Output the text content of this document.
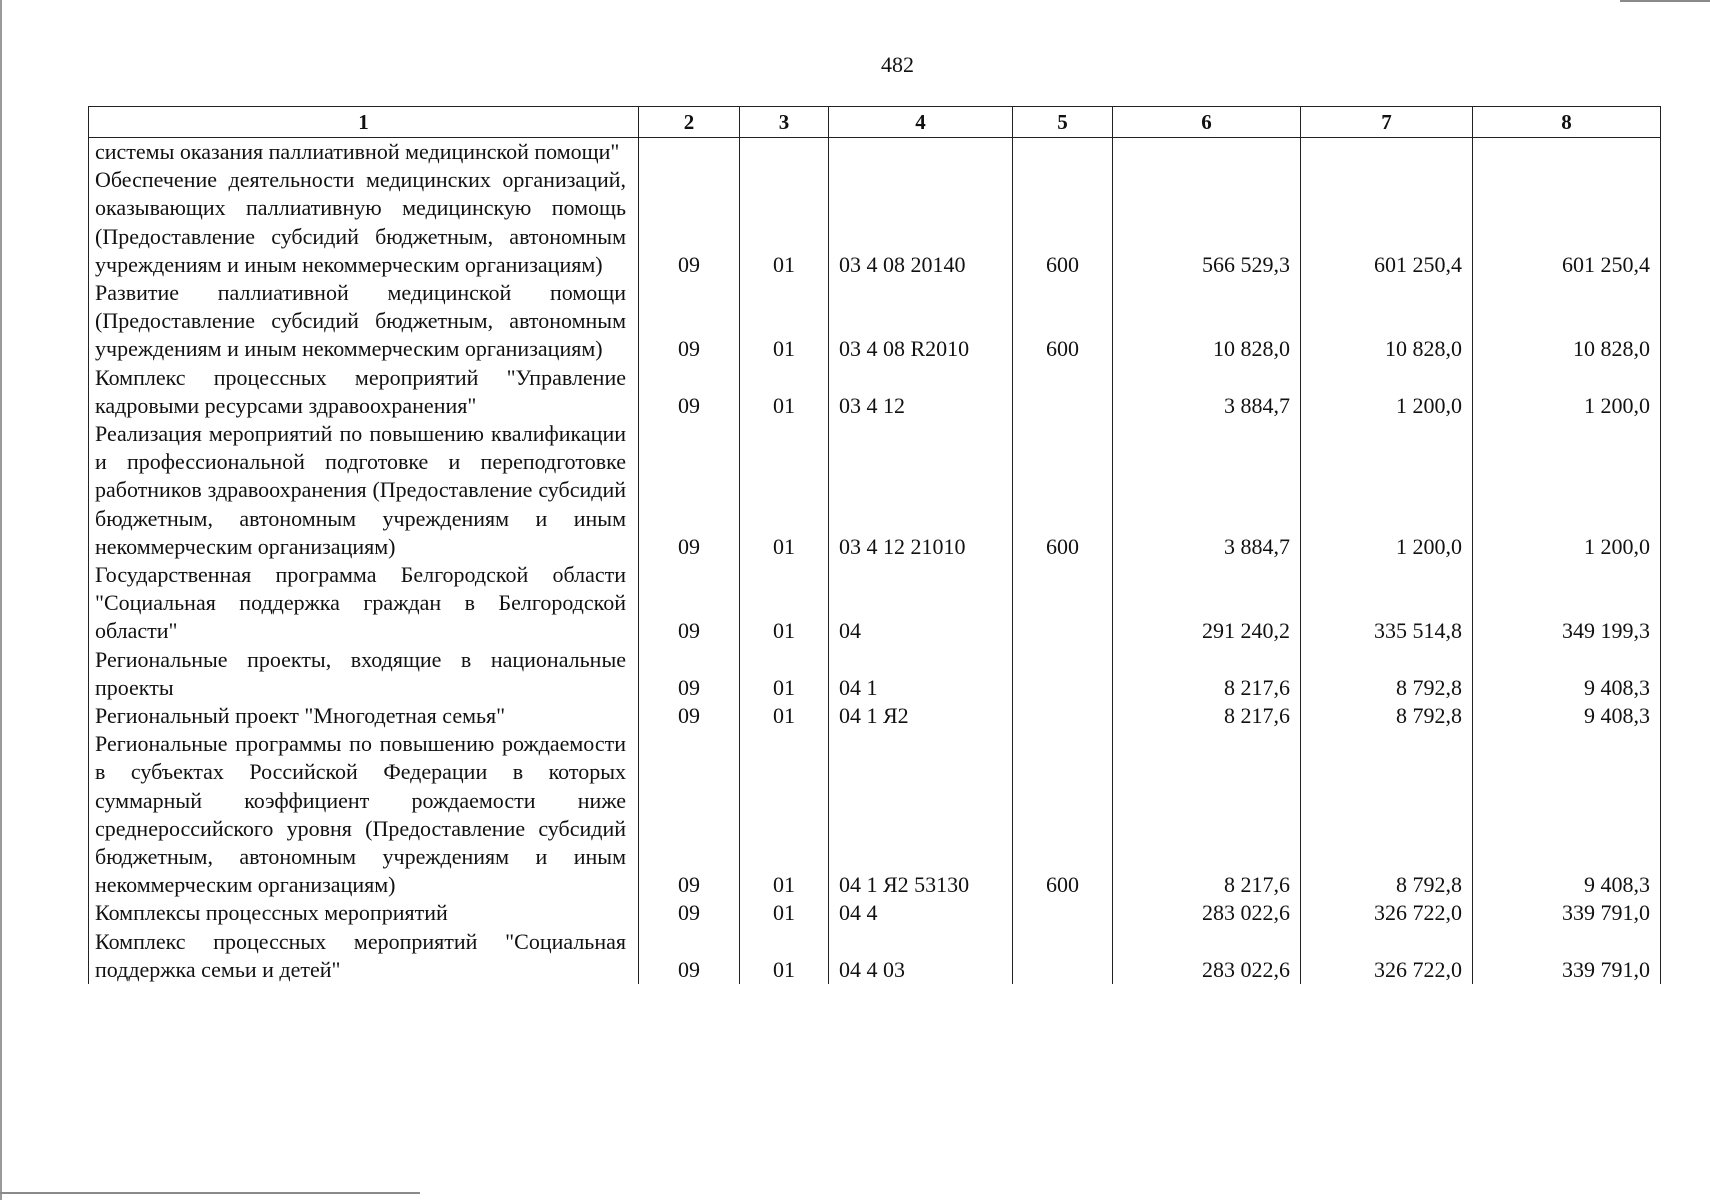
482
1	2	3	4	5	6	7	8
системы оказания паллиативной медицинской помощи"							
Обеспечение деятельности медицинских организаций, оказывающих паллиативную медицинскую помощь (Предоставление субсидий бюджетным, автономным учреждениям и иным некоммерческим организациям)	09	01	03 4 08 20140	600	566 529,3	601 250,4	601 250,4
Развитие паллиативной медицинской помощи (Предоставление субсидий бюджетным, автономным учреждениям и иным некоммерческим организациям)	09	01	03 4 08 R2010	600	10 828,0	10 828,0	10 828,0
Комплекс процессных мероприятий "Управление кадровыми ресурсами здравоохранения"	09	01	03 4 12		3 884,7	1 200,0	1 200,0
Реализация мероприятий по повышению квалификации и профессиональной подготовке и переподготовке работников здравоохранения (Предоставление субсидий бюджетным, автономным учреждениям и иным некоммерческим организациям)	09	01	03 4 12 21010	600	3 884,7	1 200,0	1 200,0
Государственная программа Белгородской области "Социальная поддержка граждан в Белгородской области"	09	01	04		291 240,2	335 514,8	349 199,3
Региональные проекты, входящие в национальные проекты	09	01	04 1		8 217,6	8 792,8	9 408,3
Региональный проект "Многодетная семья"	09	01	04 1 Я2		8 217,6	8 792,8	9 408,3
Региональные программы по повышению рождаемости в субъектах Российской Федерации в которых суммарный коэффициент рождаемости ниже среднероссийского уровня (Предоставление субсидий бюджетным, автономным учреждениям и иным некоммерческим организациям)	09	01	04 1 Я2 53130	600	8 217,6	8 792,8	9 408,3
Комплексы процессных мероприятий	09	01	04 4		283 022,6	326 722,0	339 791,0
Комплекс процессных мероприятий "Социальная поддержка семьи и детей"	09	01	04 4 03		283 022,6	326 722,0	339 791,0
